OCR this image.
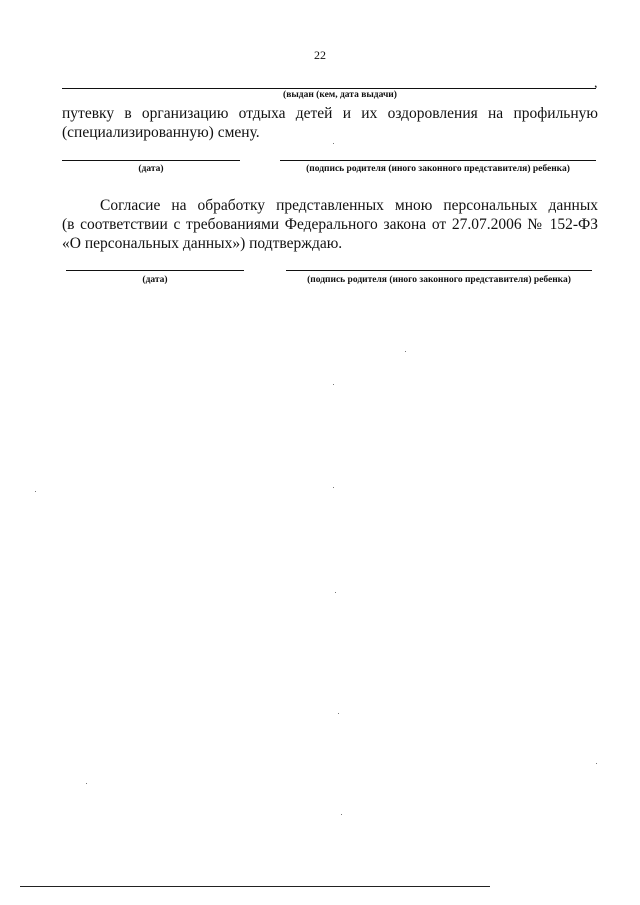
22
,
(выдан (кем, дата выдачи)
путевку в организацию отдыха детей и их оздоровления на профильную
(специализированную) смену.
(дата)	(подпись родителя (иного законного представителя) ребенка)
Согласие на обработку представленных мною персональных данных
(в соответствии с требованиями Федерального закона от 27.07.2006 № 152-ФЗ
«О персональных данных») подтверждаю.
(дата)	(подпись родителя (иного законного представителя) ребенка)
